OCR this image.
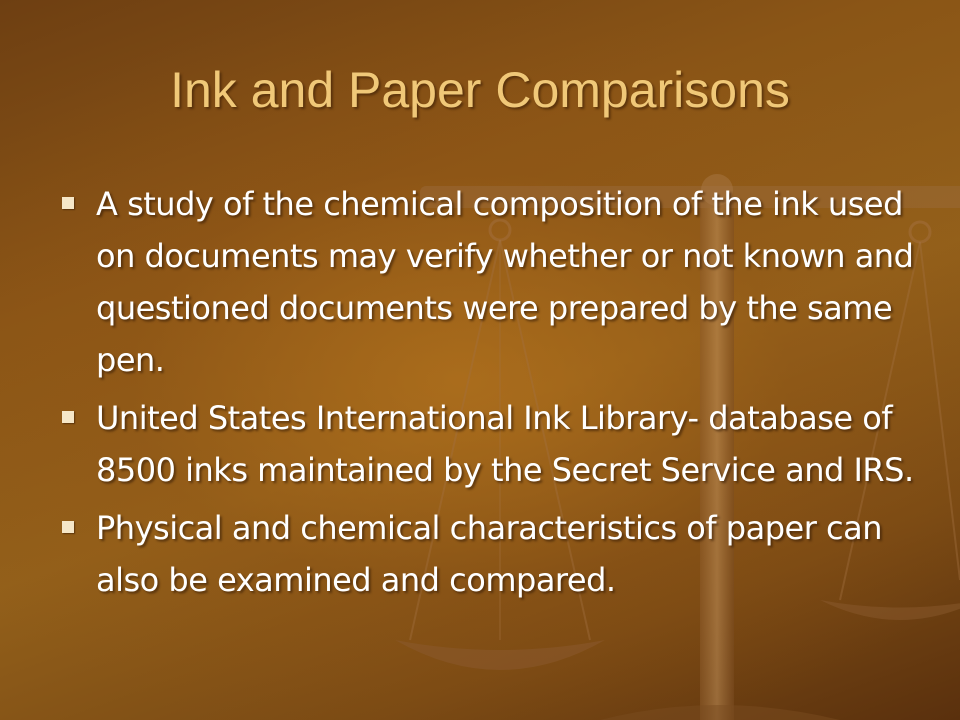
Ink and Paper Comparisons
A study of the chemical composition of the ink used on documents may verify whether or not known and questioned documents were prepared by the same pen.
United States International Ink Library- database of 8500 inks maintained by the Secret Service and IRS.
Physical and chemical characteristics of paper can also be examined and compared.
